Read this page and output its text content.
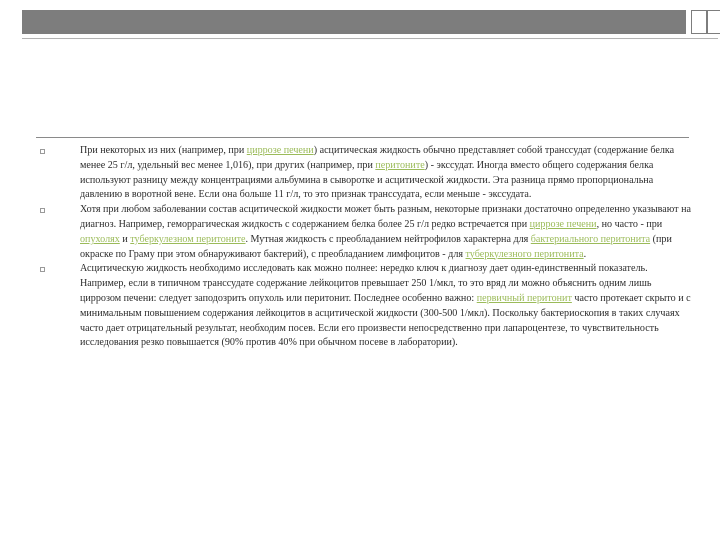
При некоторых из них (например, при циррозе печени) асцитическая жидкость обычно представляет собой транссудат (содержание белка менее 25 г/л, удельный вес менее 1,016), при других (например, при перитоните) - экссудат. Иногда вместо общего содержания белка используют разницу между концентрациями альбумина в сыворотке и асцитической жидкости. Эта разница прямо пропорциональна давлению в воротной вене. Если она больше 11 г/л, то это признак транссудата, если меньше - экссудата.

Хотя при любом заболевании состав асцитической жидкости может быть разным, некоторые признаки достаточно определенно указывают на диагноз. Например, геморрагическая жидкость с содержанием белка более 25 г/л редко встречается при циррозе печени, но часто - при опухолях и туберкулезном перитоните. Мутная жидкость с преобладанием нейтрофилов характерна для бактериального перитонита (при окраске по Граму при этом обнаруживают бактерий), с преобладанием лимфоцитов - для туберкулезного перитонита.

Асцитическую жидкость необходимо исследовать как можно полнее: нередко ключ к диагнозу дает один-единственный показатель. Например, если в типичном транссудате содержание лейкоцитов превышает 250 1/мкл, то это вряд ли можно объяснить одним лишь циррозом печени: следует заподозрить опухоль или перитонит. Последнее особенно важно: первичный перитонит часто протекает скрыто и с минимальным повышением содержания лейкоцитов в асцитической жидкости (300-500 1/мкл). Поскольку бактериоскопия в таких случаях часто дает отрицательный результат, необходим посев. Если его произвести непосредственно при лапароцентезе, то чувствительность исследования резко повышается (90% против 40% при обычном посеве в лаборатории).
